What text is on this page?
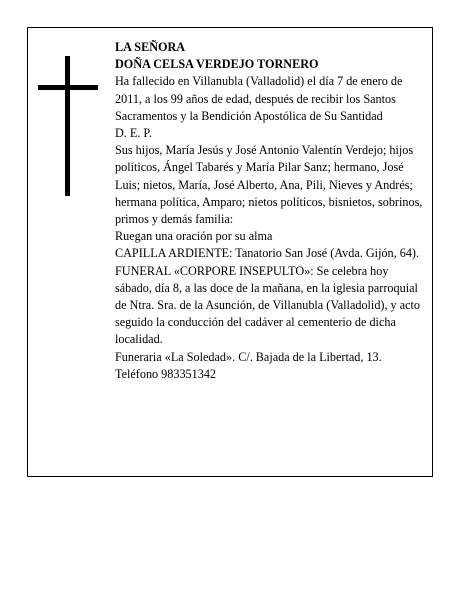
LA SEÑORA

DOÑA CELSA VERDEJO TORNERO

Ha fallecido en Villanubla (Valladolid) el día 7 de enero de 2011, a los 99 años de edad, después de recibir los Santos Sacramentos y la Bendición Apostólica de Su Santidad

D. E. P.

Sus hijos, María Jesús y José Antonio Valentín Verdejo; hijos políticos, Ángel Tabarés y María Pilar Sanz; hermano, José Luis; nietos, María, José Alberto, Ana, Pili, Nieves y Andrés; hermana política, Amparo; nietos políticos, bisnietos, sobrinos, primos y demás familia:

Ruegan una oración por su alma

CAPILLA ARDIENTE: Tanatorio San José (Avda. Gijón, 64).

FUNERAL «CORPORE INSEPULTO»: Se celebra hoy sábado, día 8, a las doce de la mañana, en la iglesia parroquial de Ntra. Sra. de la Asunción, de Villanubla (Valladolid), y acto seguido la conducción del cadáver al cementerio de dicha localidad.

Funeraria «La Soledad». C/. Bajada de la Libertad, 13. Teléfono 983351342
